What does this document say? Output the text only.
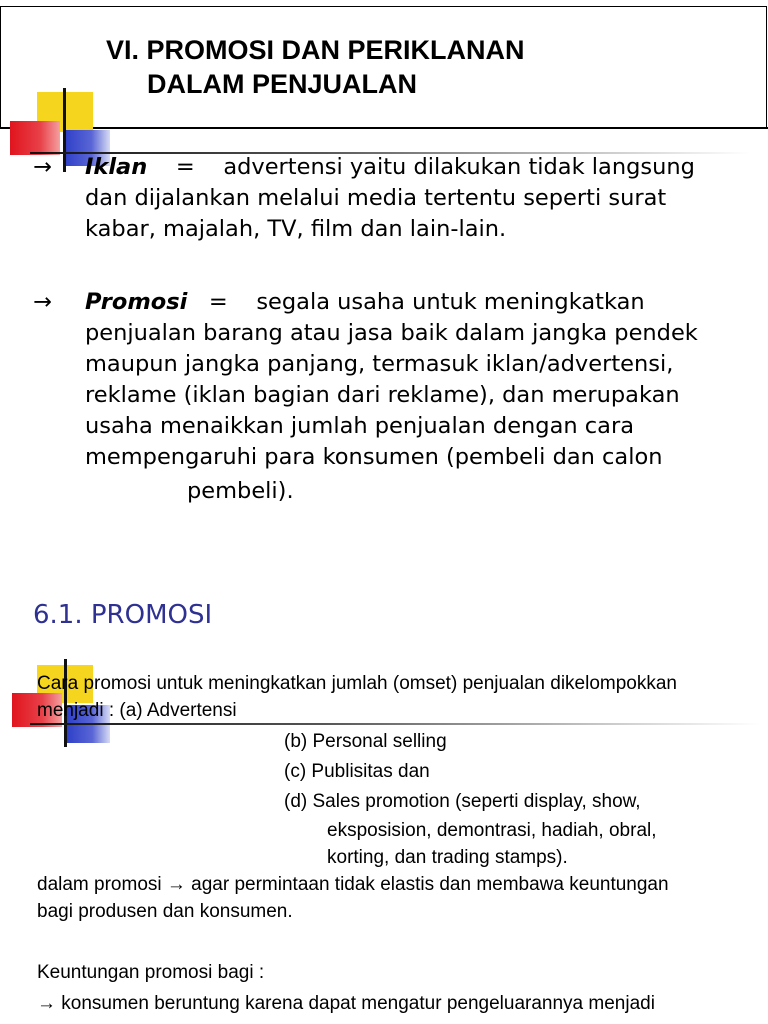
VI. PROMOSI DAN PERIKLANAN
DALAM PENJUALAN

→ Iklan = advertensi yaitu dilakukan tidak langsung

dan dijalankan melalui media tertentu seperti surat

kabar, majalah, TV, film dan lain-lain.

→ Promosi = segala usaha untuk meningkatkan

penjualan barang atau jasa baik dalam jangka pendek

maupun jangka panjang, termasuk iklan/advertensi,

reklame (iklan bagian dari reklame), dan merupakan

usaha menaikkan jumlah penjualan dengan cara

mempengaruhi para konsumen (pembeli dan calon

pembeli).

6.1. PROMOSI

Cara promosi untuk meningkatkan jumlah (omset) penjualan dikelompokkan

menjadi : (a) Advertensi

(b) Personal selling

(c) Publisitas dan

(d) Sales promotion (seperti display, show,

eksposision, demontrasi, hadiah, obral,

korting, dan trading stamps).

dalam promosi → agar permintaan tidak elastis dan membawa keuntungan

bagi produsen dan konsumen.

Keuntungan promosi bagi :

→ konsumen beruntung karena dapat mengatur pengeluarannya menjadi
